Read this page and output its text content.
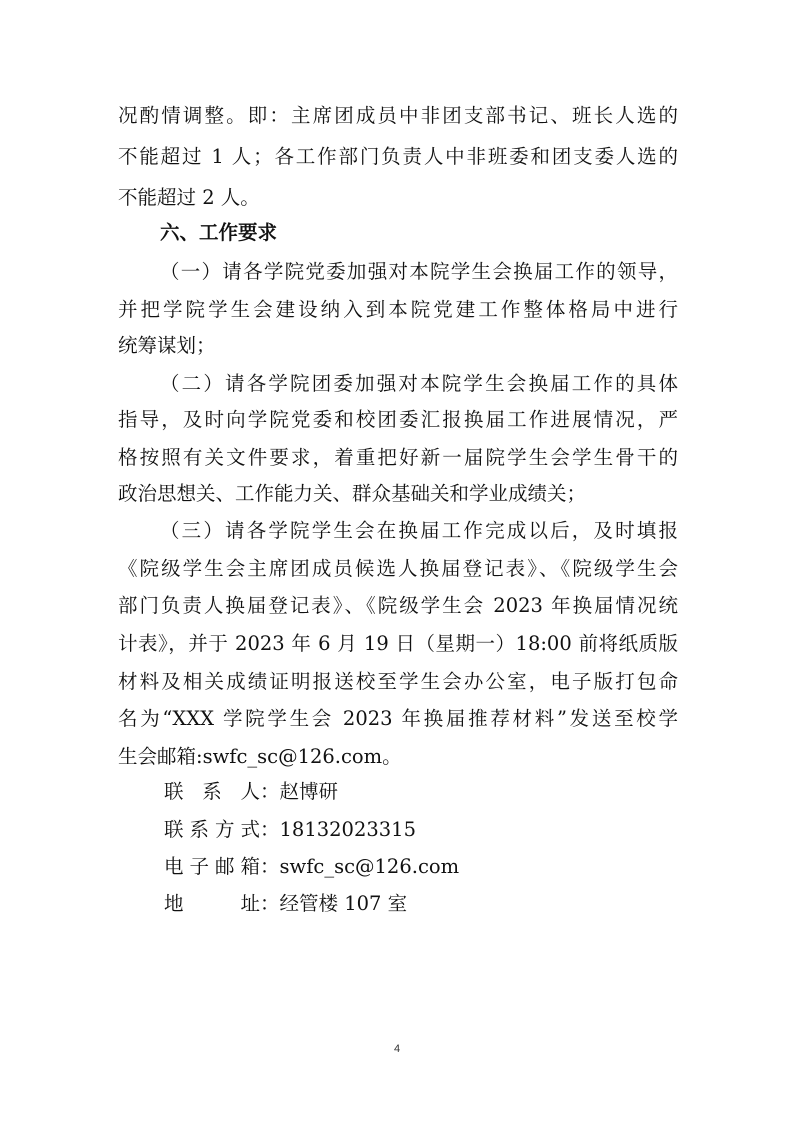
况酌情调整。即：主席团成员中非团支部书记、班长人选的
不能超过 1 人；各工作部门负责人中非班委和团支委人选的
不能超过 2 人。
六、工作要求
（一）请各学院党委加强对本院学生会换届工作的领导，
并把学院学生会建设纳入到本院党建工作整体格局中进行
统筹谋划；
（二）请各学院团委加强对本院学生会换届工作的具体
指导，及时向学院党委和校团委汇报换届工作进展情况，严
格按照有关文件要求，着重把好新一届院学生会学生骨干的
政治思想关、工作能力关、群众基础关和学业成绩关；
（三）请各学院学生会在换届工作完成以后，及时填报
《院级学生会主席团成员候选人换届登记表》、《院级学生会
部门负责人换届登记表》、《院级学生会 2023 年换届情况统
计表》，并于 2023 年 6 月 19 日（星期一）18:00 前将纸质版
材料及相关成绩证明报送校至学生会办公室，电子版打包命
名为“XXX 学院学生会 2023 年换届推荐材料”发送至校学
生会邮箱:swfc_sc@126.com。
联 系 人：赵博研
联系方式：18132023315
电子邮箱：swfc_sc@126.com
地 址：经管楼 107 室
4
